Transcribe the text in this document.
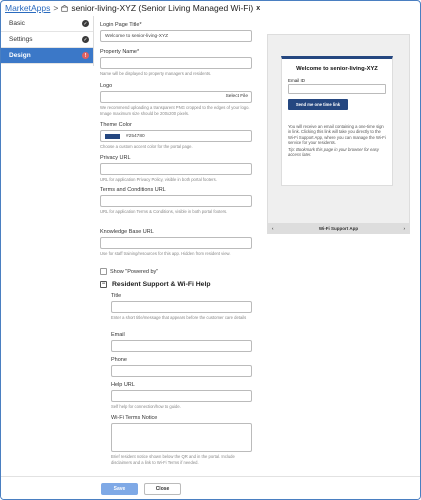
MarketApps > senior-living-XYZ (Senior Living Managed Wi-Fi) x
Basic	✓
Settings	✓
Design	!
Login Page Title*
Welcome to senior-living-XYZ
Property Name*
Name will be displayed to property managers and residents.
Logo
Select File
We recommend uploading a transparent PNG cropped to the edges of your logo. Image maximum size should be 200x200 pixels.
Theme Color
#254780
Choose a custom accent color for the portal page.
Privacy URL
URL for application Privacy Policy, visible in both portal footers.
Terms and Conditions URL
URL for application Terms & Conditions, visible in both portal footers.
Knowledge Base URL
Use for staff training/resources for this app. Hidden from resident view.
Show "Powered by"
− Resident Support & Wi-Fi Help
Title
Enter a short title/message that appears before the customer care details
Email
Phone
Help URL
Self help for connection/how to guide.
Wi-Fi Terms Notice
Brief resident notice shown below the QR and in the portal. Include disclaimers and a link to Wi-Fi Terms if needed.
Welcome to senior-living-XYZ
Email ID
Send me one time link
You will receive an email containing a one-time sign in link. Clicking this link will take you directly to the Wi-Fi Support App, where you can manage the Wi-Fi service for your residents.
Tip: Bookmark this page in your browser for easy access later.
‹	Wi-Fi Support App	›
Save	Close
